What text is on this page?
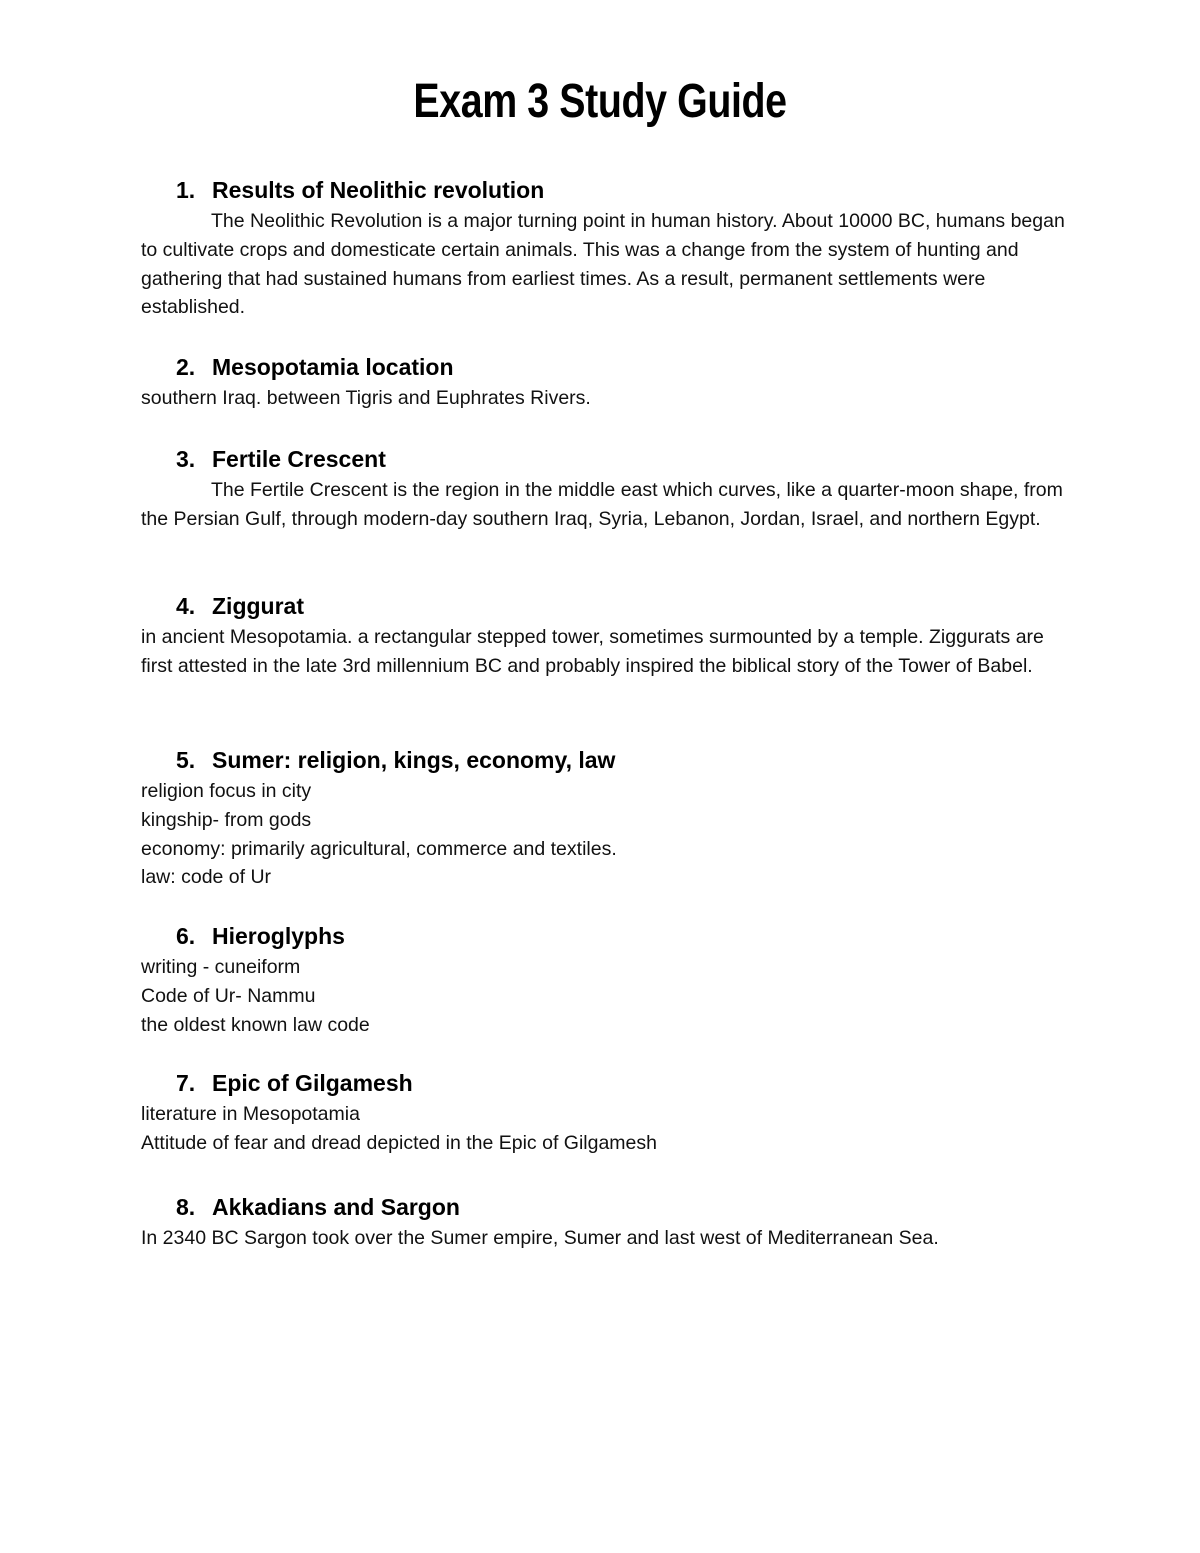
Exam 3 Study Guide
1. Results of Neolithic revolution
The Neolithic Revolution is a major turning point in human history. About 10000 BC, humans began to cultivate crops and domesticate certain animals. This was a change from the system of hunting and gathering that had sustained humans from earliest times. As a result, permanent settlements were established.
2. Mesopotamia location
southern Iraq. between Tigris and Euphrates Rivers.
3. Fertile Crescent
The Fertile Crescent is the region in the middle east which curves, like a quarter-moon shape, from the Persian Gulf, through modern-day southern Iraq, Syria, Lebanon, Jordan, Israel, and northern Egypt.
4. Ziggurat
in ancient Mesopotamia. a rectangular stepped tower, sometimes surmounted by a temple. Ziggurats are first attested in the late 3rd millennium BC and probably inspired the biblical story of the Tower of Babel.
5. Sumer: religion, kings, economy, law
religion focus in city
kingship- from gods
economy: primarily agricultural, commerce and textiles.
law: code of Ur
6. Hieroglyphs
writing - cuneiform
Code of Ur- Nammu
the oldest known law code
7. Epic of Gilgamesh
literature in Mesopotamia
Attitude of fear and dread depicted in the Epic of Gilgamesh
8. Akkadians and Sargon
In 2340 BC Sargon took over the Sumer empire, Sumer and last west of Mediterranean Sea.
